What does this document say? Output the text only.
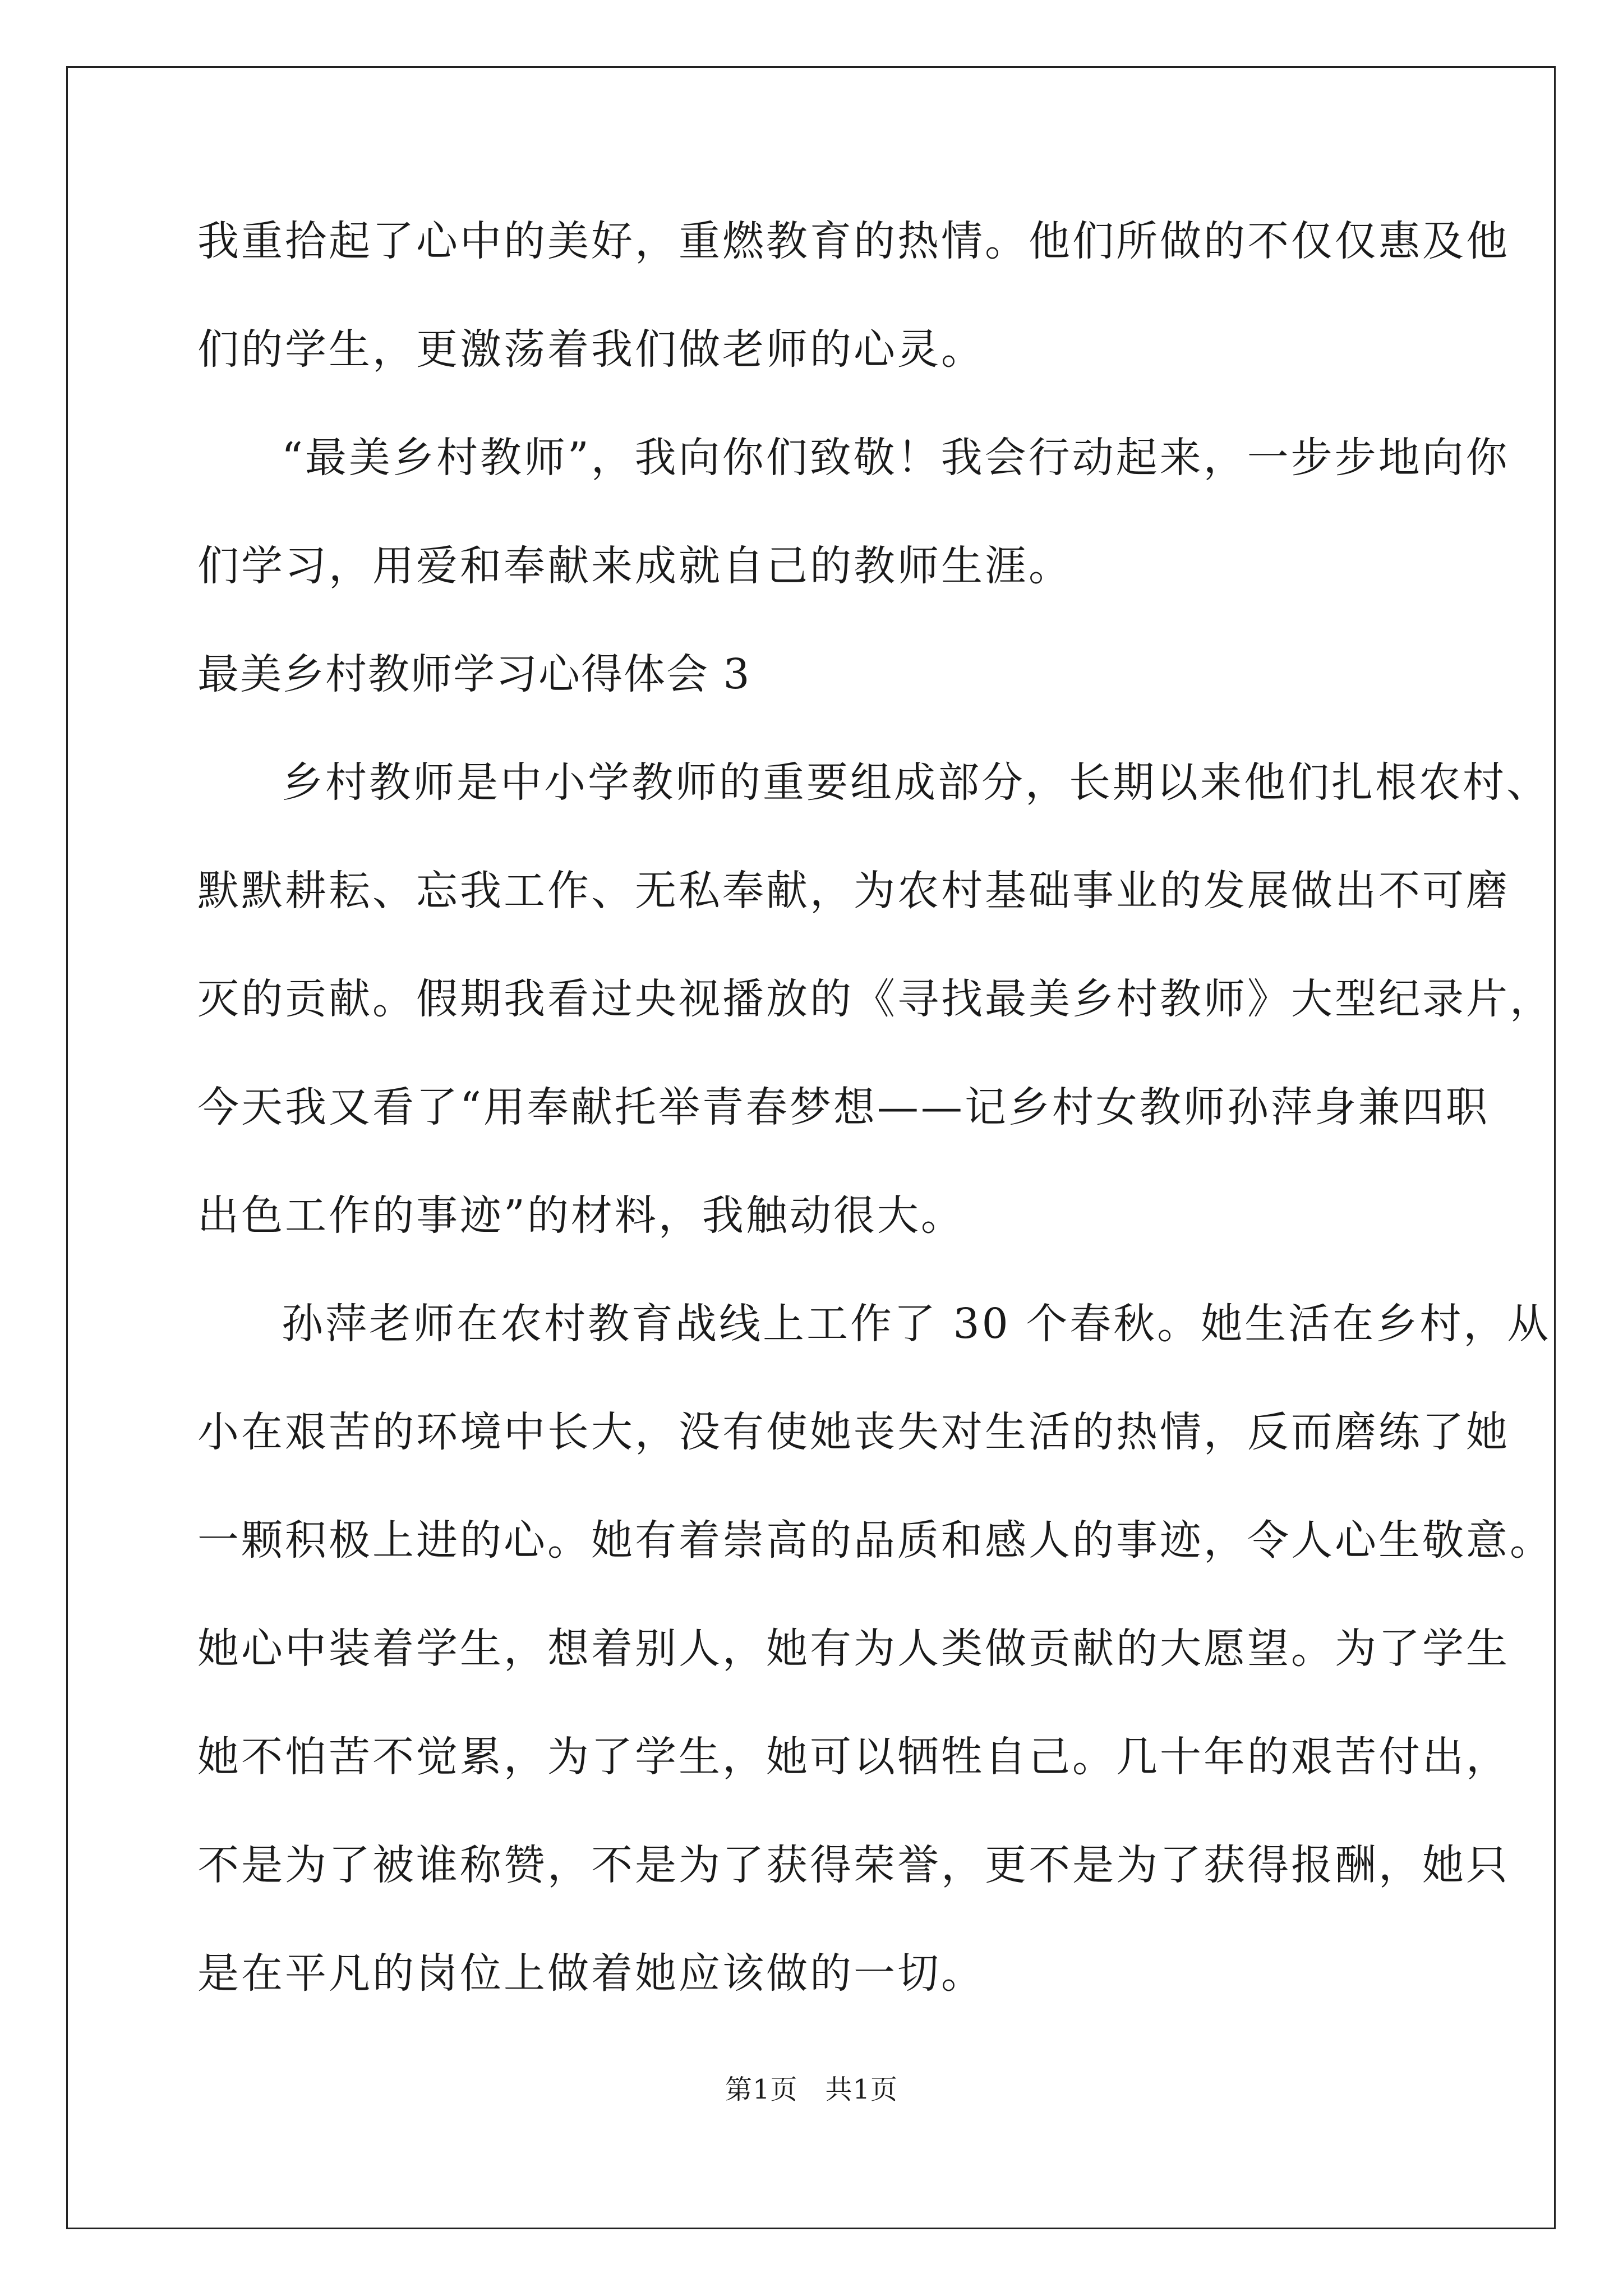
我重拾起了心中的美好，重燃教育的热情。他们所做的不仅仅惠及他
们的学生，更激荡着我们做老师的心灵。
“最美乡村教师”，我向你们致敬！我会行动起来，一步步地向你
们学习，用爱和奉献来成就自己的教师生涯。
最美乡村教师学习心得体会 3
乡村教师是中小学教师的重要组成部分，长期以来他们扎根农村、
默默耕耘、忘我工作、无私奉献，为农村基础事业的发展做出不可磨
灭的贡献。假期我看过央视播放的《寻找最美乡村教师》大型纪录片，
今天我又看了“用奉献托举青春梦想——记乡村女教师孙萍身兼四职
出色工作的事迹”的材料，我触动很大。
孙萍老师在农村教育战线上工作了 30 个春秋。她生活在乡村，从
小在艰苦的环境中长大，没有使她丧失对生活的热情，反而磨练了她
一颗积极上进的心。她有着崇高的品质和感人的事迹，令人心生敬意。
她心中装着学生，想着别人，她有为人类做贡献的大愿望。为了学生
她不怕苦不觉累，为了学生，她可以牺牲自己。几十年的艰苦付出，
不是为了被谁称赞，不是为了获得荣誉，更不是为了获得报酬，她只
是在平凡的岗位上做着她应该做的一切。
第1页　共1页
